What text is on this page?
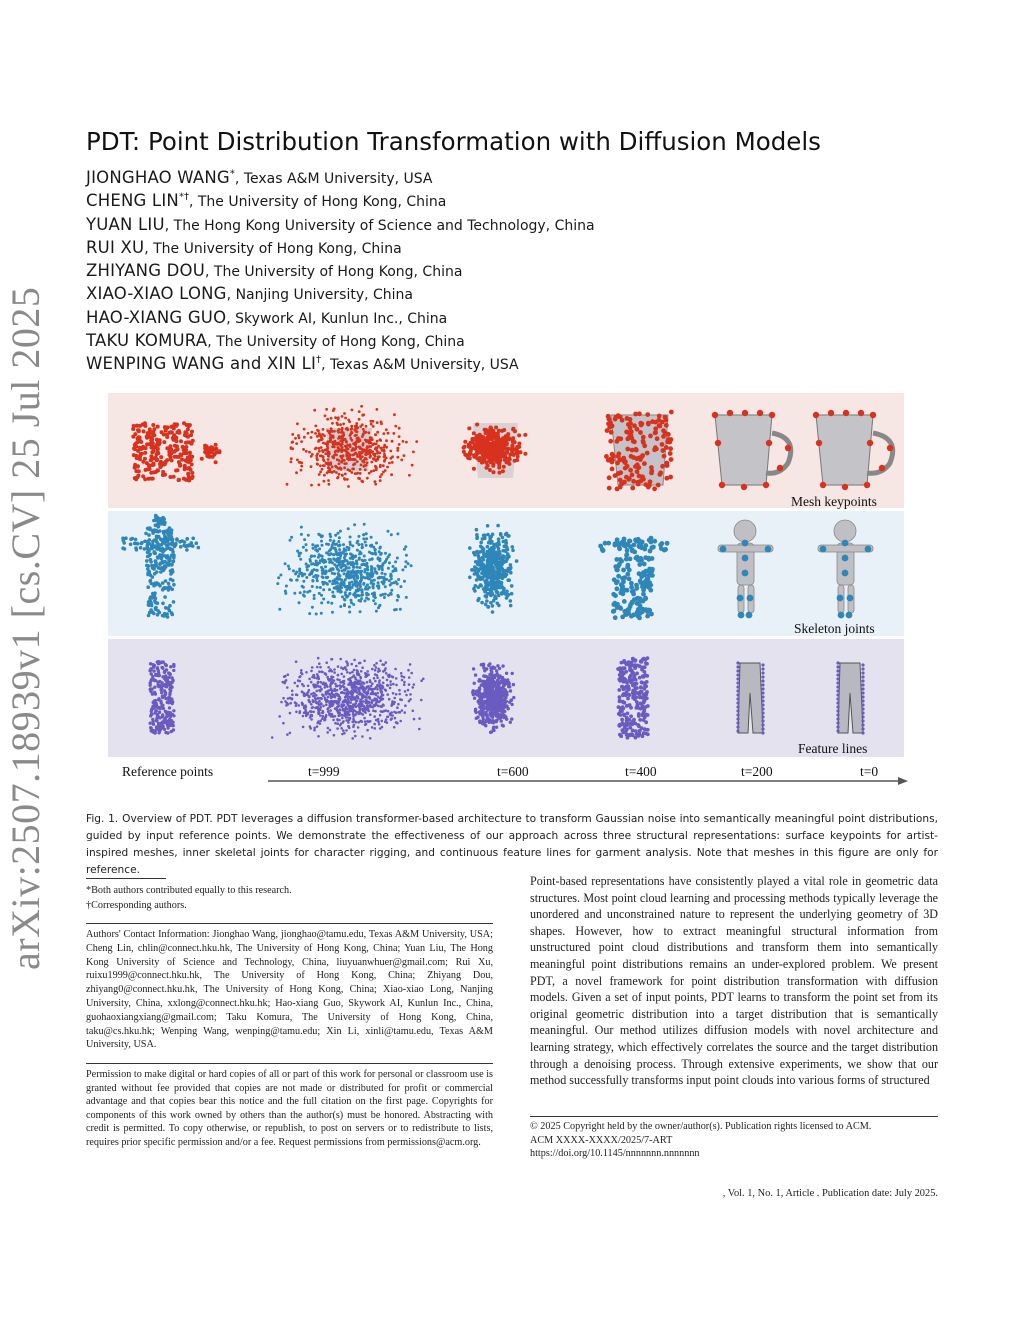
arXiv:2507.18939v1 [cs.CV] 25 Jul 2025
PDT: Point Distribution Transformation with Diffusion Models
JIONGHAO WANG*, Texas A&M University, USA
CHENG LIN*†, The University of Hong Kong, China
YUAN LIU, The Hong Kong University of Science and Technology, China
RUI XU, The University of Hong Kong, China
ZHIYANG DOU, The University of Hong Kong, China
XIAO-XIAO LONG, Nanjing University, China
HAO-XIANG GUO, Skywork AI, Kunlun Inc., China
TAKU KOMURA, The University of Hong Kong, China
WENPING WANG and XIN LI†, Texas A&M University, USA
Mesh keypoints
Skeleton joints
Feature lines
Reference points	t=999	t=600	t=400	t=200	t=0

Fig. 1. Overview of PDT. PDT leverages a diffusion transformer-based architecture to transform Gaussian noise into semantically meaningful point distributions, guided by input reference points. We demonstrate the effectiveness of our approach across three structural representations: surface keypoints for artist-inspired meshes, inner skeletal joints for character rigging, and continuous feature lines for garment analysis. Note that meshes in this figure are only for reference.

*Both authors contributed equally to this research.
†Corresponding authors.

Authors' Contact Information: Jionghao Wang, jionghao@tamu.edu, Texas A&M University, USA; Cheng Lin, chlin@connect.hku.hk, The University of Hong Kong, China; Yuan Liu, The Hong Kong University of Science and Technology, China, liuyuanwhuer@gmail.com; Rui Xu, ruixu1999@connect.hku.hk, The University of Hong Kong, China; Zhiyang Dou, zhiyang0@connect.hku.hk, The University of Hong Kong, China; Xiao-xiao Long, Nanjing University, China, xxlong@connect.hku.hk; Hao-xiang Guo, Skywork AI, Kunlun Inc., China, guohaoxiangxiang@gmail.com; Taku Komura, The University of Hong Kong, China, taku@cs.hku.hk; Wenping Wang, wenping@tamu.edu; Xin Li, xinli@tamu.edu, Texas A&M University, USA.

Permission to make digital or hard copies of all or part of this work for personal or classroom use is granted without fee provided that copies are not made or distributed for profit or commercial advantage and that copies bear this notice and the full citation on the first page. Copyrights for components of this work owned by others than the author(s) must be honored. Abstracting with credit is permitted. To copy otherwise, or republish, to post on servers or to redistribute to lists, requires prior specific permission and/or a fee. Request permissions from permissions@acm.org.

Point-based representations have consistently played a vital role in geometric data structures. Most point cloud learning and processing methods typically leverage the unordered and unconstrained nature to represent the underlying geometry of 3D shapes. However, how to extract meaningful structural information from unstructured point cloud distributions and transform them into semantically meaningful point distributions remains an under-explored problem. We present PDT, a novel framework for point distribution transformation with diffusion models. Given a set of input points, PDT learns to transform the point set from its original geometric distribution into a target distribution that is semantically meaningful. Our method utilizes diffusion models with novel architecture and learning strategy, which effectively correlates the source and the target distribution through a denoising process. Through extensive experiments, we show that our method successfully transforms input point clouds into various forms of structured

© 2025 Copyright held by the owner/author(s). Publication rights licensed to ACM.
ACM XXXX-XXXX/2025/7-ART
https://doi.org/10.1145/nnnnnnn.nnnnnnn
, Vol. 1, No. 1, Article . Publication date: July 2025.
